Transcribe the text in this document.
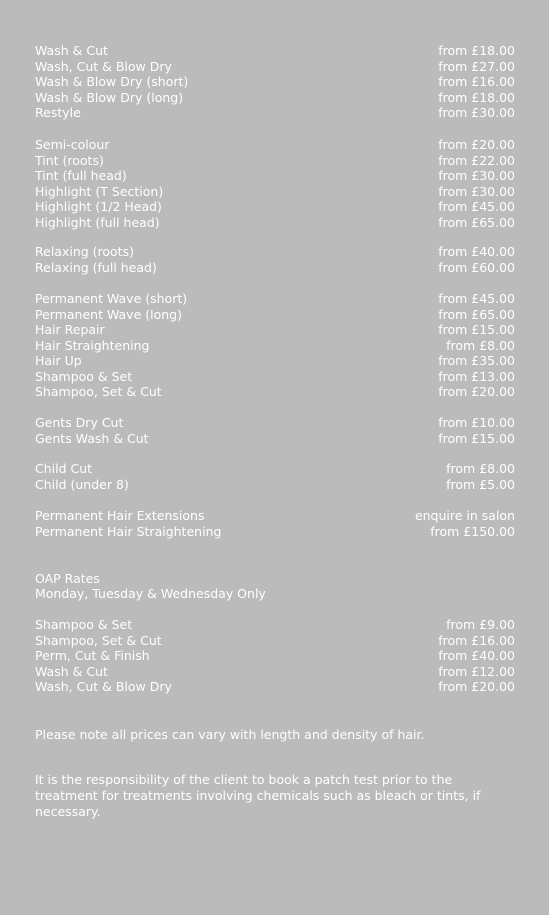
Wash & Cut	from £18.00
Wash, Cut & Blow Dry	from £27.00
Wash & Blow Dry (short)	from £16.00
Wash & Blow Dry (long)	from £18.00
Restyle	from £30.00
Semi-colour	from £20.00
Tint (roots)	from £22.00
Tint (full head)	from £30.00
Highlight (T Section)	from £30.00
Highlight (1/2 Head)	from £45.00
Highlight (full head)	from £65.00
Relaxing (roots)	from £40.00
Relaxing (full head)	from £60.00
Permanent Wave (short)	from £45.00
Permanent Wave (long)	from £65.00
Hair Repair	from £15.00
Hair Straightening	from £8.00
Hair Up	from £35.00
Shampoo & Set	from £13.00
Shampoo, Set & Cut	from £20.00
Gents Dry Cut	from £10.00
Gents Wash & Cut	from £15.00
Child Cut	from £8.00
Child (under 8)	from £5.00
Permanent Hair Extensions	enquire in salon
Permanent Hair Straightening	from £150.00
OAP Rates
Monday, Tuesday & Wednesday Only
Shampoo & Set	from £9.00
Shampoo, Set & Cut	from £16.00
Perm, Cut & Finish	from £40.00
Wash & Cut	from £12.00
Wash, Cut & Blow Dry	from £20.00
Please note all prices can vary with length and density of hair.
It is the responsibility of the client to book a patch test prior to the treatment for treatments involving chemicals such as bleach or tints, if necessary.
